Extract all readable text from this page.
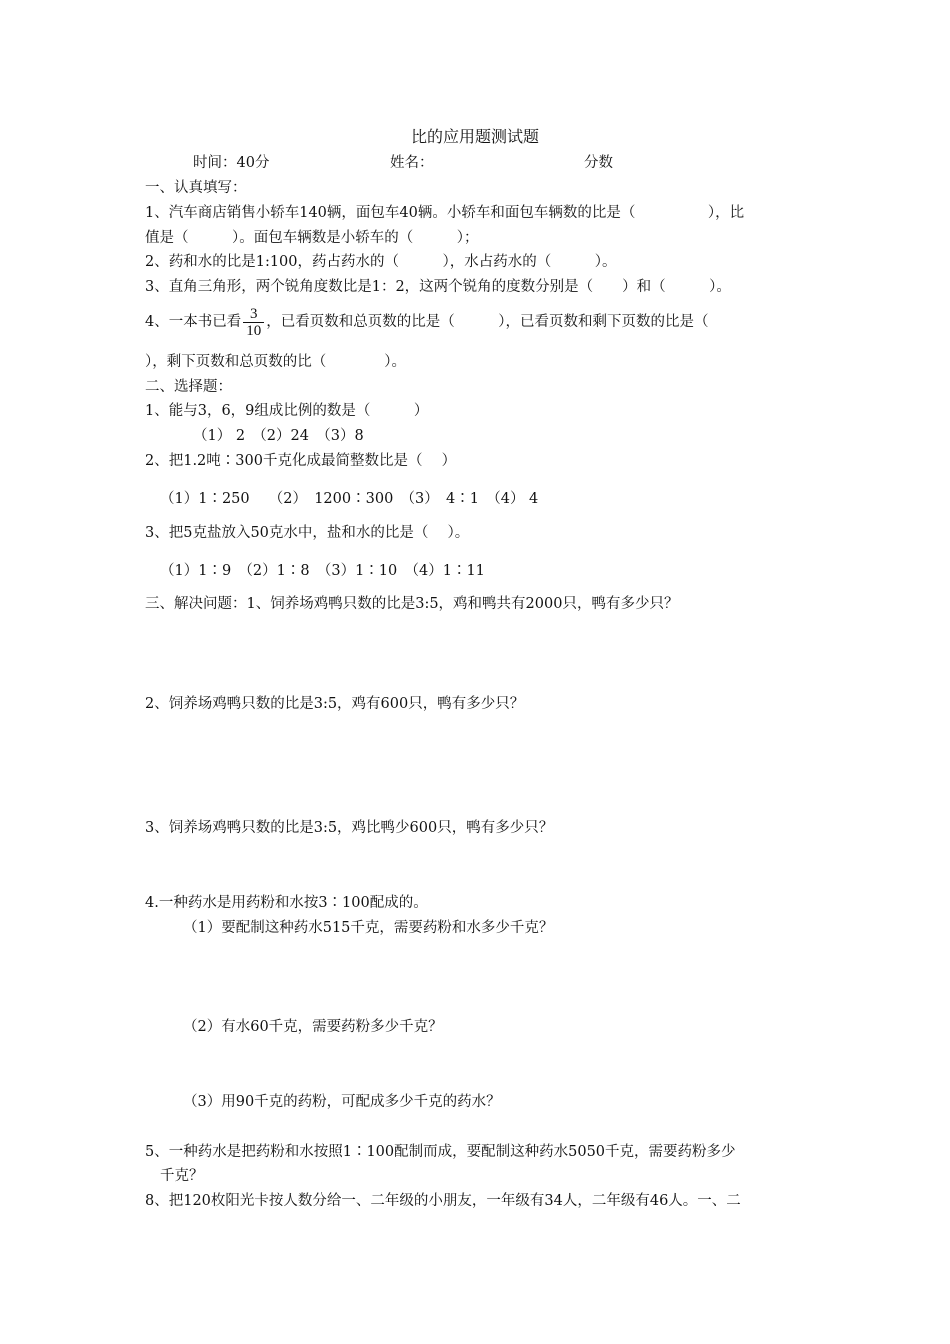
比的应用题测试题
时间：40分	姓名：	分数
一、认真填写：
1、汽车商店销售小轿车140辆，面包车40辆。小轿车和面包车辆数的比是（　　　　　），比
值是（　　　）。面包车辆数是小轿车的（　　　）；
2、药和水的比是1:100，药占药水的（　　　），水占药水的（　　　）。
3、直角三角形，两个锐角度数比是1：2，这两个锐角的度数分别是（　　）和（　　　）。
4、一本书已看 $\frac{3}{10}$ ，已看页数和总页数的比是（　　　），已看页数和剩下页数的比是（
），剩下页数和总页数的比（　　　　）。
二、选择题：
1、能与3，6，9组成比例的数是（　　　）
（1） 2　（2）24　（3）8
2、把1.2吨∶300千克化成最简整数比是（　 ）
（1）1∶250　 （2）　1200∶300　（3）　4∶1　（4） 4
3、把5克盐放入50克水中，盐和水的比是（　 ）。
（1）1∶9　（2）1∶8　（3）1∶10　（4）1∶11
三、解决问题：1、饲养场鸡鸭只数的比是3:5，鸡和鸭共有2000只，鸭有多少只？
2、饲养场鸡鸭只数的比是3:5，鸡有600只，鸭有多少只？
3、饲养场鸡鸭只数的比是3:5，鸡比鸭少600只，鸭有多少只？
4.一种药水是用药粉和水按3∶100配成的。
（1）要配制这种药水515千克，需要药粉和水多少千克？
（2）有水60千克，需要药粉多少千克？
（3）用90千克的药粉，可配成多少千克的药水？
5、一种药水是把药粉和水按照1∶100配制而成，要配制这种药水5050千克，需要药粉多少
千克？
8、把120枚阳光卡按人数分给一、二年级的小朋友，一年级有34人，二年级有46人。一、二
